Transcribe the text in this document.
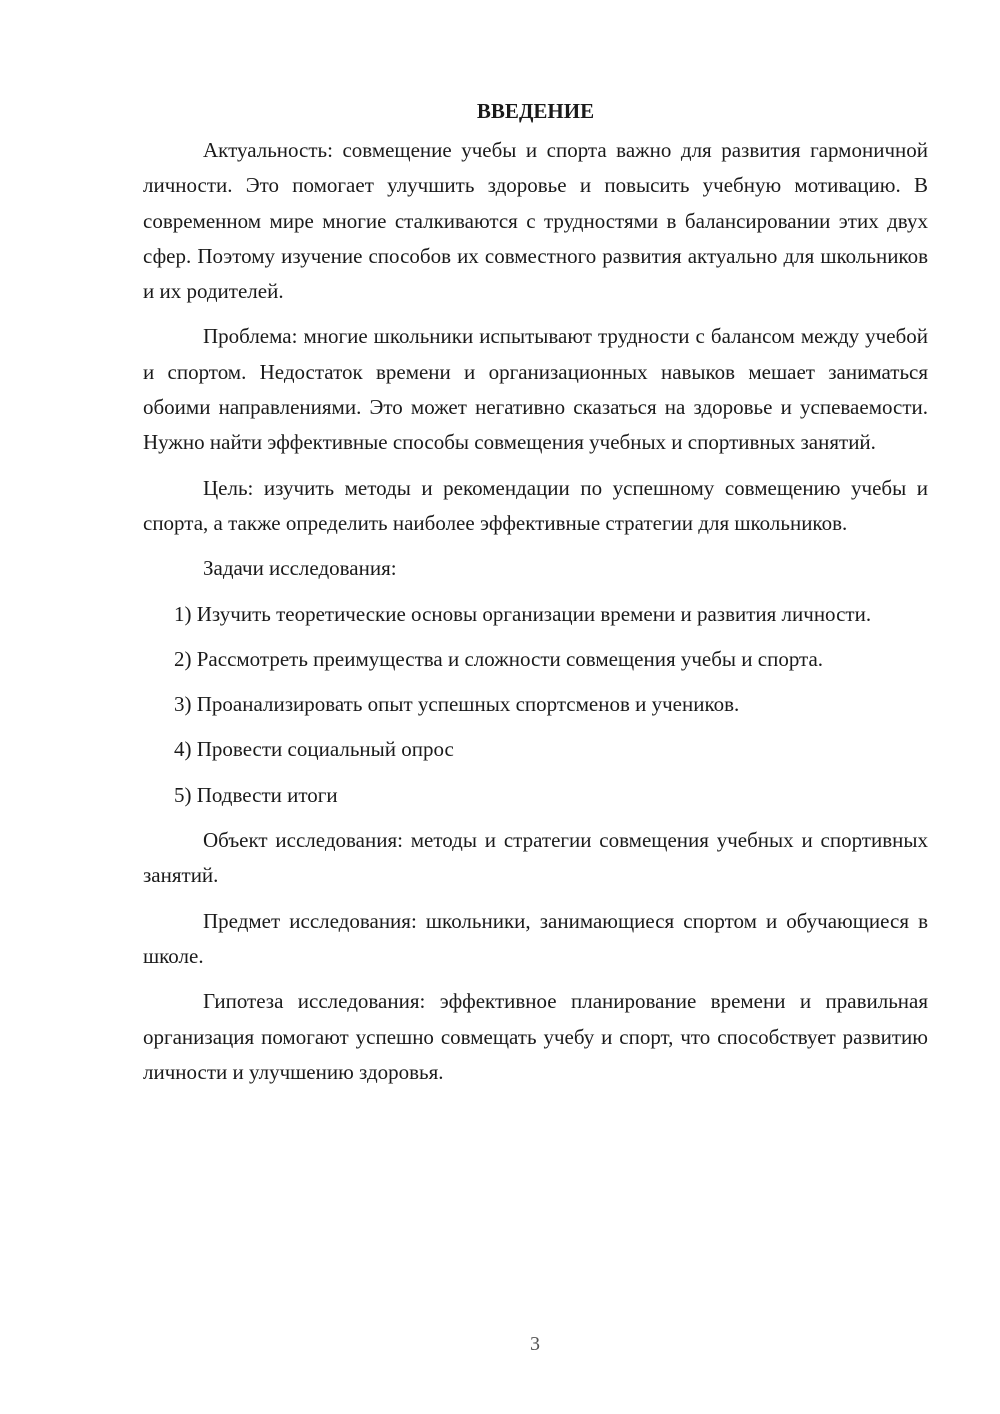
ВВЕДЕНИЕ

Актуальность: совмещение учебы и спорта важно для развития гармоничной личности. Это помогает улучшить здоровье и повысить учебную мотивацию. В современном мире многие сталкиваются с трудностями в балансировании этих двух сфер. Поэтому изучение способов их совместного развития актуально для школьников и их родителей.

Проблема: многие школьники испытывают трудности с балансом между учебой и спортом. Недостаток времени и организационных навыков мешает заниматься обоими направлениями. Это может негативно сказаться на здоровье и успеваемости. Нужно найти эффективные способы совмещения учебных и спортивных занятий.

Цель: изучить методы и рекомендации по успешному совмещению учебы и спорта, а также определить наиболее эффективные стратегии для школьников.

Задачи исследования:

1) Изучить теоретические основы организации времени и развития личности.

2) Рассмотреть преимущества и сложности совмещения учебы и спорта.

3) Проанализировать опыт успешных спортсменов и учеников.

4) Провести социальный опрос

5) Подвести итоги

Объект исследования: методы и стратегии совмещения учебных и спортивных занятий.

Предмет исследования: школьники, занимающиеся спортом и обучающиеся в школе.

Гипотеза исследования: эффективное планирование времени и правильная организация помогают успешно совмещать учебу и спорт, что способствует развитию личности и улучшению здоровья.

3
